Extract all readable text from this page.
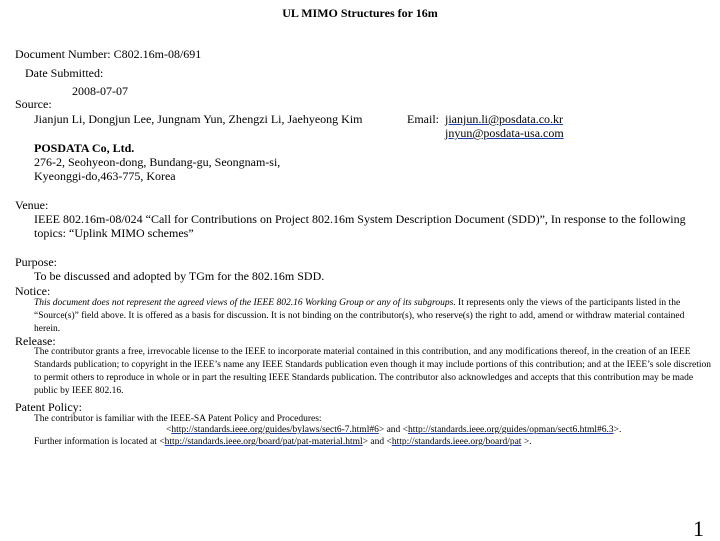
UL MIMO Structures for 16m
Document Number: C802.16m-08/691
Date Submitted:
2008-07-07
Source:
Jianjun Li, Dongjun Lee, Jungnam Yun, Zhengzi Li, Jaehyeong Kim	Email: jianjun.li@posdata.co.kr
jnyun@posdata-usa.com
POSDATA Co, Ltd.
276-2, Seohyeon-dong, Bundang-gu, Seongnam-si,
Kyeonggi-do,463-775, Korea
Venue:
IEEE 802.16m-08/024 “Call for Contributions on Project 802.16m System Description Document (SDD)”, In response to the following
topics: “Uplink MIMO schemes”
Purpose:
To be discussed and adopted by TGm for the 802.16m SDD.
Notice:
This document does not represent the agreed views of the IEEE 802.16 Working Group or any of its subgroups. It represents only the views of the participants listed in the “Source(s)” field above. It is offered as a basis for discussion. It is not binding on the contributor(s), who reserve(s) the right to add, amend or withdraw material contained herein.
Release:
The contributor grants a free, irrevocable license to the IEEE to incorporate material contained in this contribution, and any modifications thereof, in the creation of an IEEE Standards publication; to copyright in the IEEE’s name any IEEE Standards publication even though it may include portions of this contribution; and at the IEEE’s sole discretion to permit others to reproduce in whole or in part the resulting IEEE Standards publication. The contributor also acknowledges and accepts that this contribution may be made public by IEEE 802.16.
Patent Policy:
The contributor is familiar with the IEEE-SA Patent Policy and Procedures:
<http://standards.ieee.org/guides/bylaws/sect6-7.html#6> and <http://standards.ieee.org/guides/opman/sect6.html#6.3>.
Further information is located at <http://standards.ieee.org/board/pat/pat-material.html> and <http://standards.ieee.org/board/pat >.
1
